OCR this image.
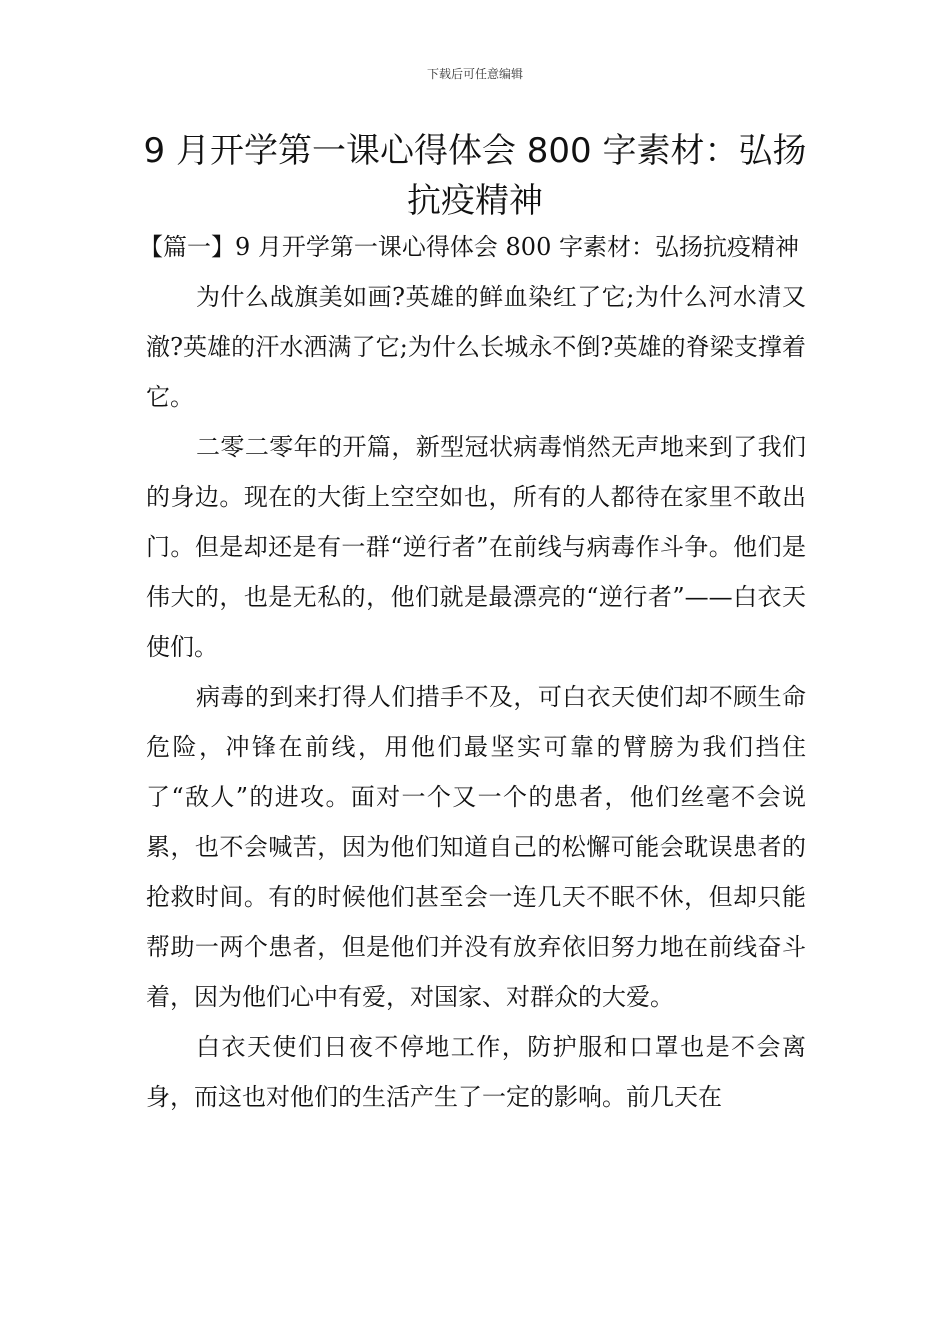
下载后可任意编辑
9 月开学第一课心得体会 800 字素材：弘扬抗疫精神

【篇一】9 月开学第一课心得体会 800 字素材：弘扬抗疫精神

为什么战旗美如画?英雄的鲜血染红了它;为什么河水清又澈?英雄的汗水洒满了它;为什么长城永不倒?英雄的脊梁支撑着它。

二零二零年的开篇，新型冠状病毒悄然无声地来到了我们的身边。现在的大街上空空如也，所有的人都待在家里不敢出门。但是却还是有一群“逆行者”在前线与病毒作斗争。他们是伟大的，也是无私的，他们就是最漂亮的“逆行者”——白衣天使们。

病毒的到来打得人们措手不及，可白衣天使们却不顾生命危险，冲锋在前线，用他们最坚实可靠的臂膀为我们挡住了“敌人”的进攻。面对一个又一个的患者，他们丝毫不会说累，也不会喊苦，因为他们知道自己的松懈可能会耽误患者的抢救时间。有的时候他们甚至会一连几天不眠不休，但却只能帮助一两个患者，但是他们并没有放弃依旧努力地在前线奋斗着，因为他们心中有爱，对国家、对群众的大爱。

白衣天使们日夜不停地工作，防护服和口罩也是不会离身，而这也对他们的生活产生了一定的影响。前几天在
